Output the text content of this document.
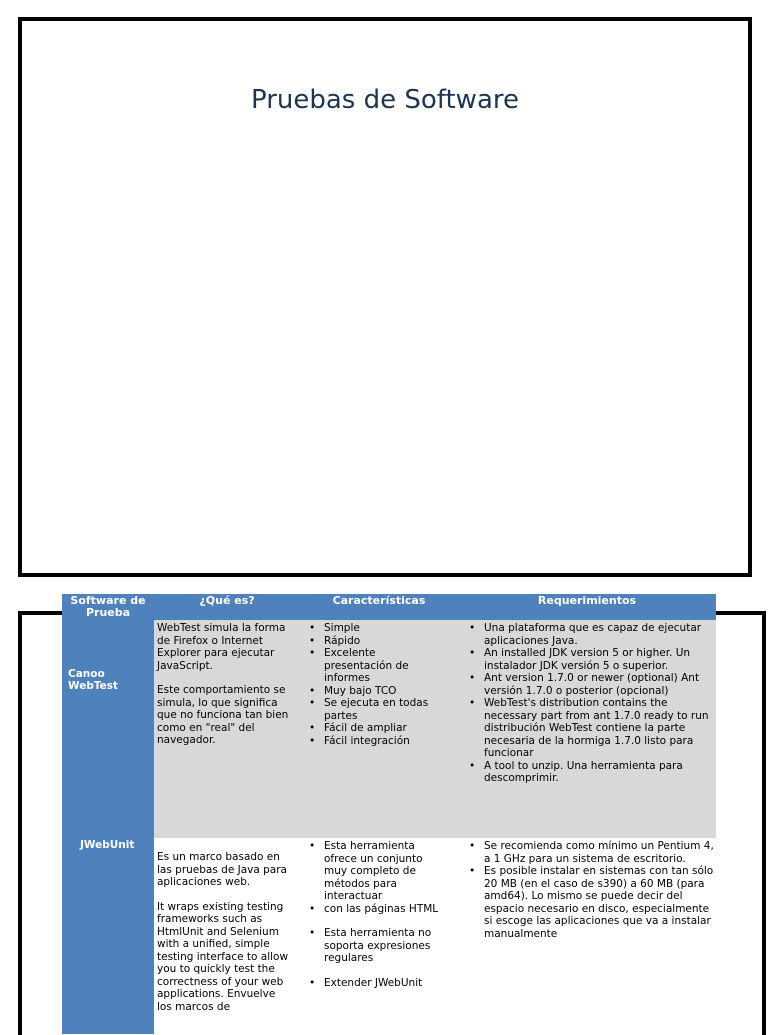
Pruebas de Software
Software de Prueba
¿Qué es?	Características	Requerimientos
Canoo WebTest
JWebUnit

WebTest simula la forma de Firefox o Internet Explorer para ejecutar JavaScript.

Este comportamiento se simula, lo que significa que no funciona tan bien como en "real" del navegador.

• Simple
• Rápido
• Excelente presentación de informes
• Muy bajo TCO
• Se ejecuta en todas partes
• Fácil de ampliar
• Fácil integración
• Una plataforma que es capaz de ejecutar aplicaciones Java.
• An installed JDK version 5 or higher. Un instalador JDK versión 5 o superior.
• Ant version 1.7.0 or newer (optional) Ant versión 1.7.0 o posterior (opcional)
• WebTest's distribution contains the necessary part from ant 1.7.0 ready to run distribución WebTest contiene la parte necesaria de la hormiga 1.7.0 listo para funcionar
• A tool to unzip. Una herramienta para descomprimir.

Es un marco basado en las pruebas de Java para aplicaciones web.

It wraps existing testing frameworks such as HtmlUnit and Selenium with a unified, simple testing interface to allow you to quickly test the correctness of your web applications. Envuelve los marcos de

• Esta herramienta ofrece un conjunto muy completo de métodos para interactuar
• con las páginas HTML
• Esta herramienta no soporta expresiones regulares
• Extender JWebUnit
• Se recomienda como mínimo un Pentium 4, a 1 GHz para un sistema de escritorio.
• Es posible instalar en sistemas con tan sólo 20 MB (en el caso de s390) a 60 MB (para amd64). Lo mismo se puede decir del espacio necesario en disco, especialmente si escoge las aplicaciones que va a instalar manualmente
